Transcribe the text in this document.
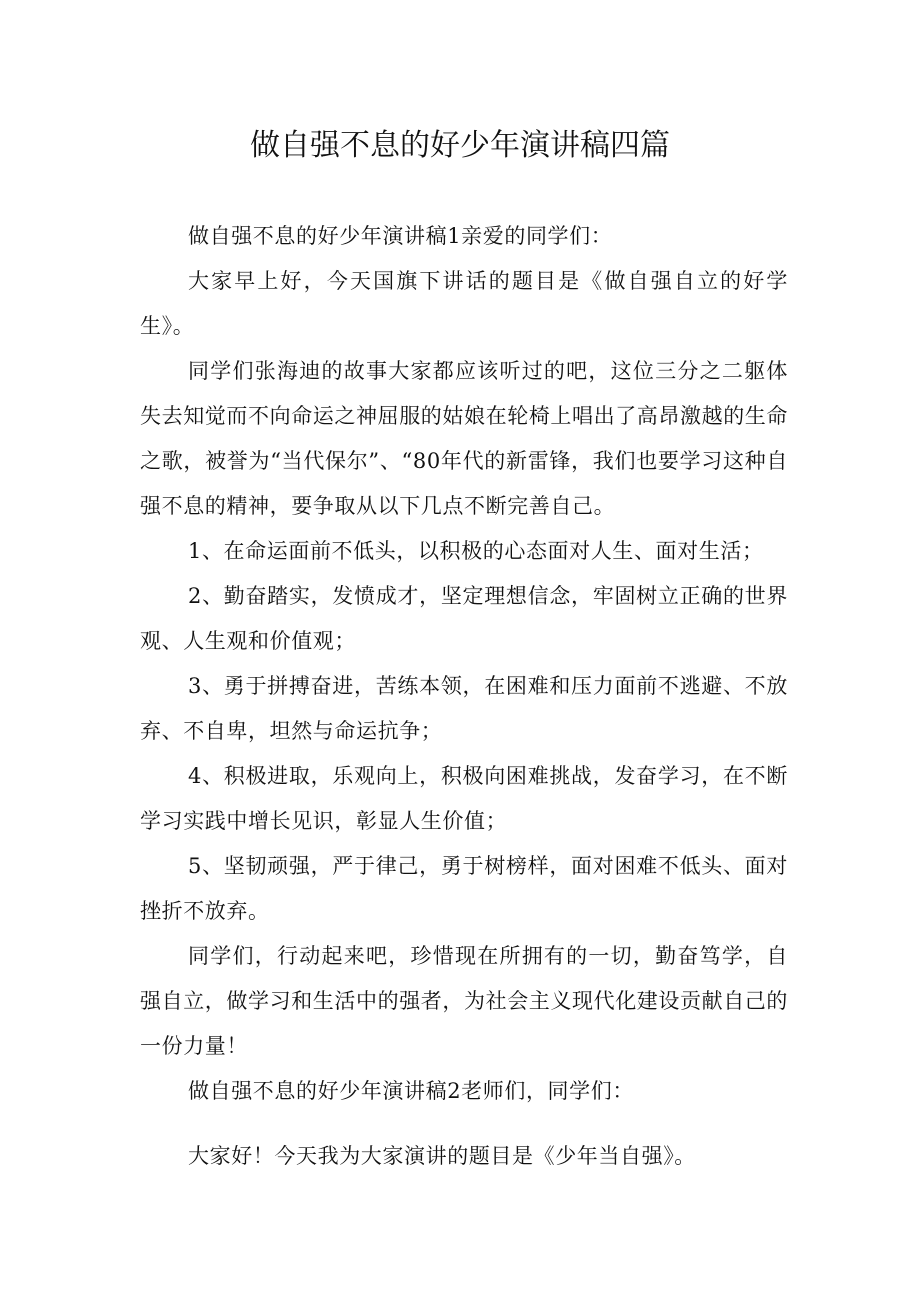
做自强不息的好少年演讲稿四篇

做自强不息的好少年演讲稿1亲爱的同学们：

大家早上好，今天国旗下讲话的题目是《做自强自立的好学生》。

同学们张海迪的故事大家都应该听过的吧，这位三分之二躯体失去知觉而不向命运之神屈服的姑娘在轮椅上唱出了高昂激越的生命之歌，被誉为“当代保尔”、“80年代的新雷锋，我们也要学习这种自强不息的精神，要争取从以下几点不断完善自己。

1、在命运面前不低头，以积极的心态面对人生、面对生活；

2、勤奋踏实，发愤成才，坚定理想信念，牢固树立正确的世界观、人生观和价值观；

3、勇于拼搏奋进，苦练本领，在困难和压力面前不逃避、不放弃、不自卑，坦然与命运抗争；

4、积极进取，乐观向上，积极向困难挑战，发奋学习，在不断学习实践中增长见识，彰显人生价值；

5、坚韧顽强，严于律己，勇于树榜样，面对困难不低头、面对挫折不放弃。

同学们，行动起来吧，珍惜现在所拥有的一切，勤奋笃学，自强自立，做学习和生活中的强者，为社会主义现代化建设贡献自己的一份力量！

做自强不息的好少年演讲稿2老师们，同学们：

大家好！今天我为大家演讲的题目是《少年当自强》。
